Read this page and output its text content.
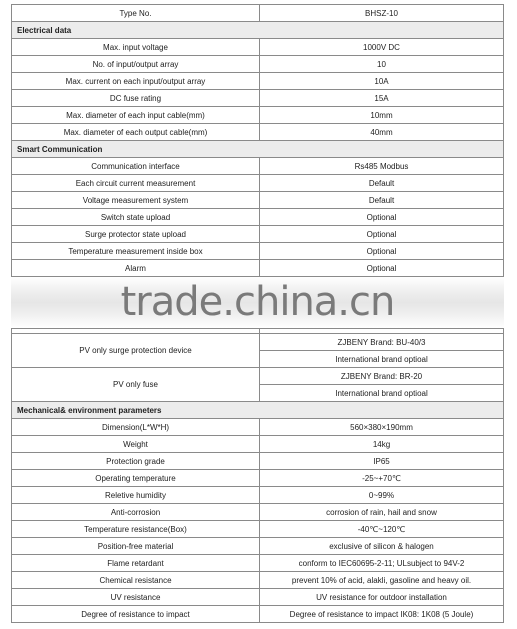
Type No.	BHSZ-10
Electrical data	
Max. input voltage	1000V DC
No. of input/output array	10
Max. current on each input/output array	10A
DC fuse rating	15A
Max. diameter of each input cable(mm)	10mm
Max. diameter of each output cable(mm)	40mm
Smart Communication	
Communication interface	Rs485 Modbus
Each circuit current measurement	Default
Voltage measurement system	Default
Switch state upload	Optional
Surge protector state upload	Optional
Temperature measurement inside box	Optional
Alarm	Optional
trade.china.cn

PV only surge protection device	ZJBENY Brand: BU-40/3
	International brand optioal
PV only fuse	ZJBENY Brand: BR-20
	International brand optioal
Mechanical& environment parameters	
Dimension(L*W*H)	560×380×190mm
Weight	14kg
Protection grade	IP65
Operating temperature	-25~+70℃
Reletive humidity	0~99%
Anti-corrosion	corrosion of rain, hail and snow
Temperature resistance(Box)	-40℃~120℃
Position-free material	exclusive of silicon & halogen
Flame retardant	conform to IEC60695-2-11; ULsubject to 94V-2
Chemical resistance	prevent 10% of acid, alakli, gasoline and heavy oil.
UV resistance	UV resistance for outdoor installation
Degree of resistance to impact	Degree of resistance to impact IK08: 1K08 (5 Joule)
